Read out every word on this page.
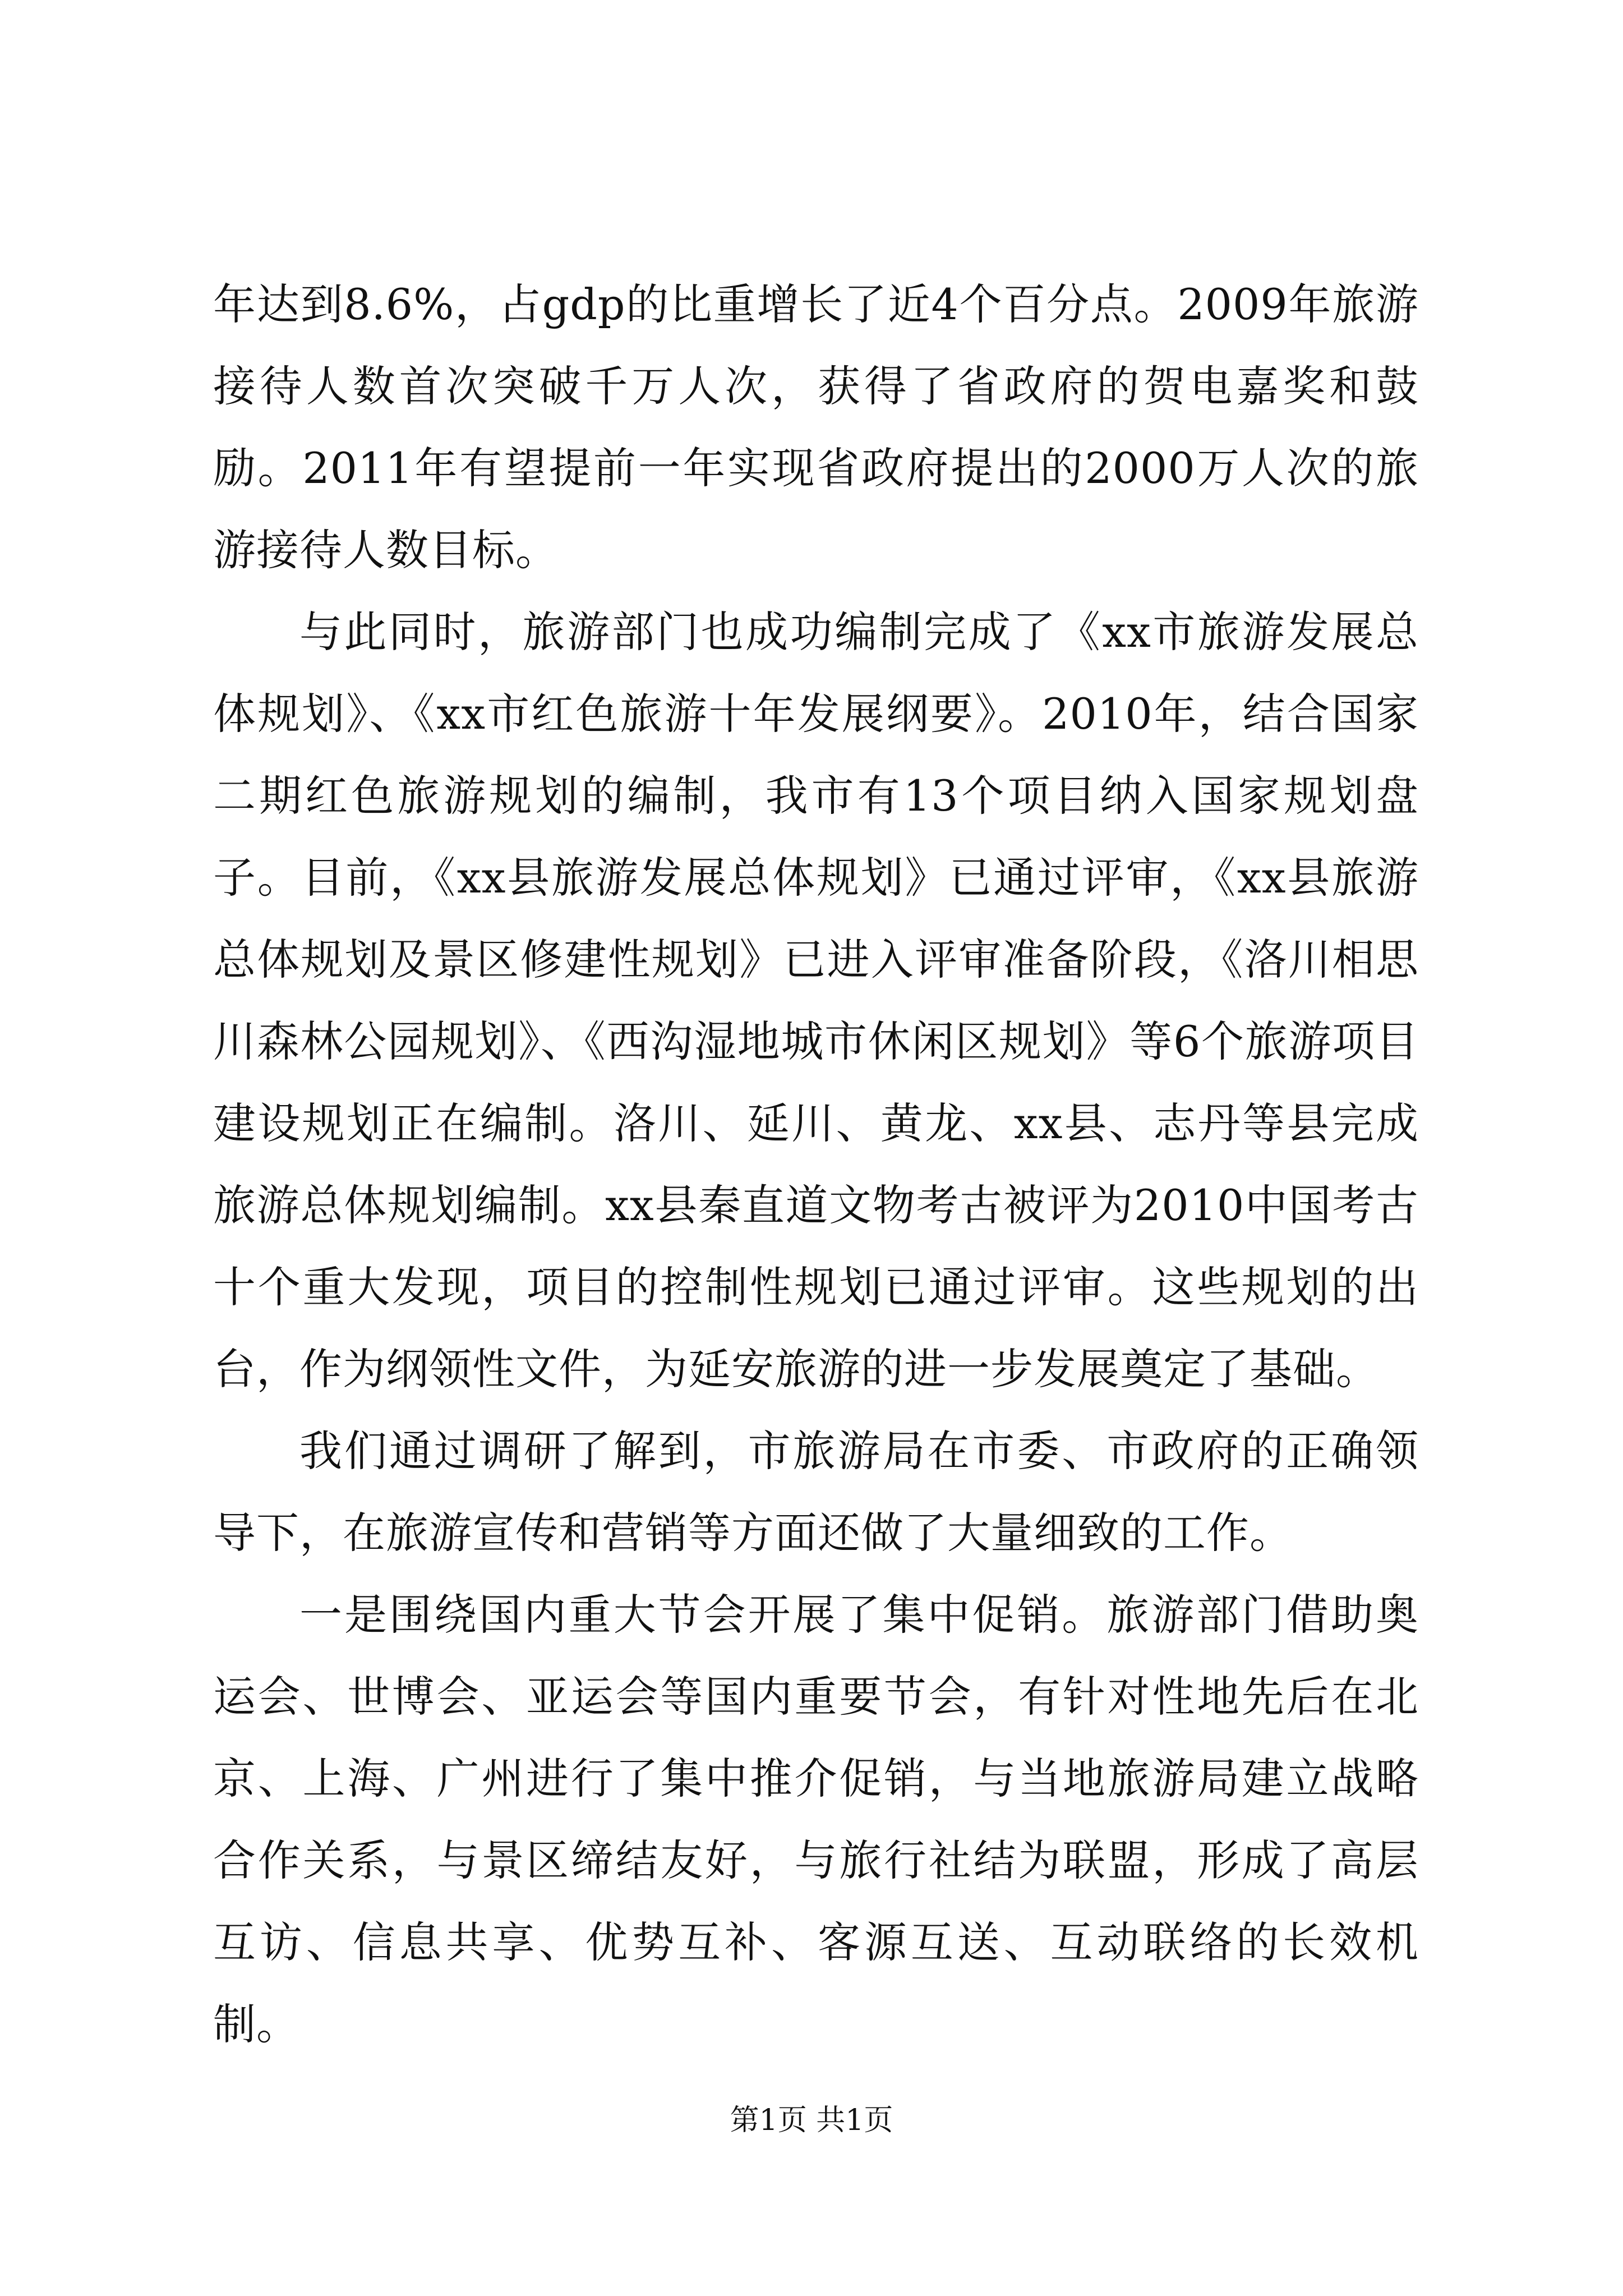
年达到8.6%，占gdp的比重增长了近4个百分点。2009年旅游接待人数首次突破千万人次，获得了省政府的贺电嘉奖和鼓励。2011年有望提前一年实现省政府提出的2000万人次的旅游接待人数目标。

与此同时，旅游部门也成功编制完成了《xx市旅游发展总体规划》、《xx市红色旅游十年发展纲要》。2010年，结合国家二期红色旅游规划的编制，我市有13个项目纳入国家规划盘子。目前，《xx县旅游发展总体规划》已通过评审，《xx县旅游总体规划及景区修建性规划》已进入评审准备阶段，《洛川相思川森林公园规划》、《西沟湿地城市休闲区规划》等6个旅游项目建设规划正在编制。洛川、延川、黄龙、xx县、志丹等县完成旅游总体规划编制。xx县秦直道文物考古被评为2010中国考古十个重大发现，项目的控制性规划已通过评审。这些规划的出台，作为纲领性文件，为延安旅游的进一步发展奠定了基础。

我们通过调研了解到，市旅游局在市委、市政府的正确领导下，在旅游宣传和营销等方面还做了大量细致的工作。

一是围绕国内重大节会开展了集中促销。旅游部门借助奥运会、世博会、亚运会等国内重要节会，有针对性地先后在北京、上海、广州进行了集中推介促销，与当地旅游局建立战略合作关系，与景区缔结友好，与旅行社结为联盟，形成了高层互访、信息共享、优势互补、客源互送、互动联络的长效机制。

第1页 共1页
